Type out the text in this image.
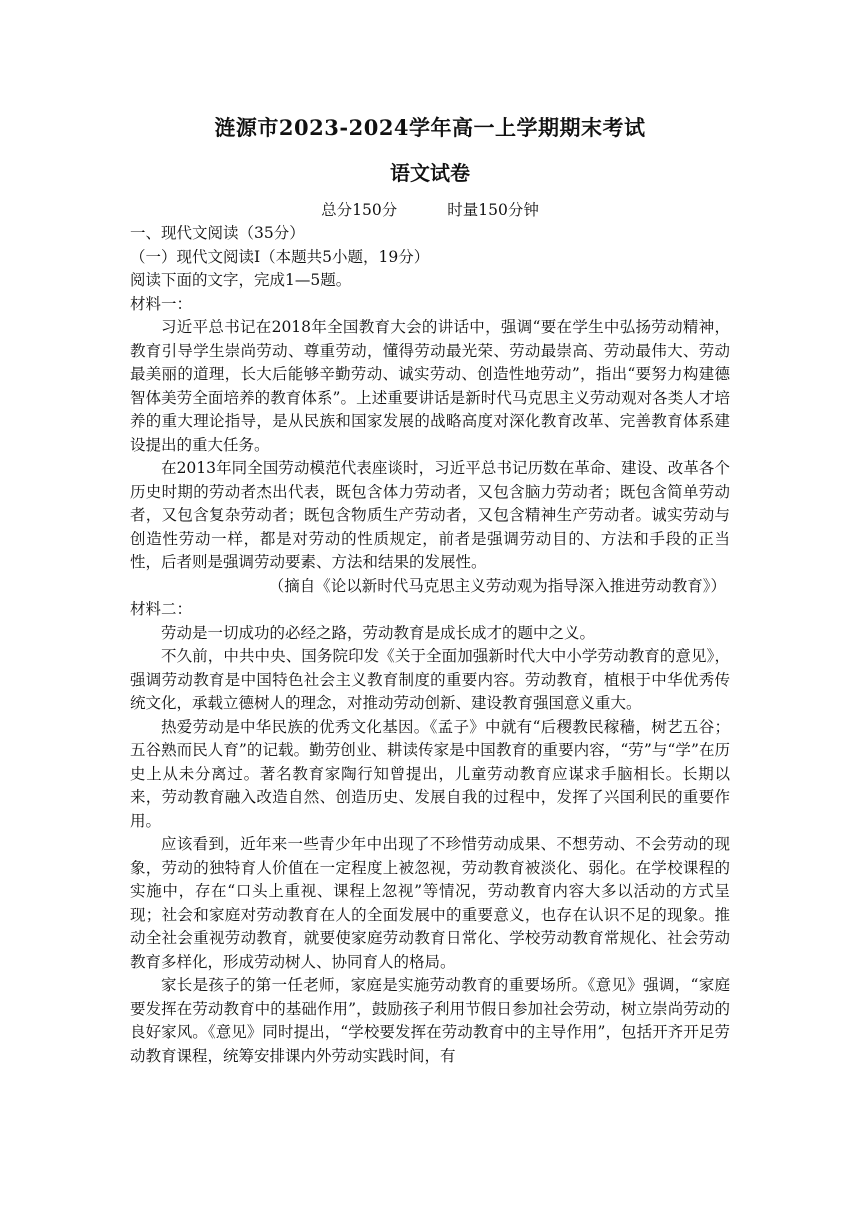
涟源市2023-2024学年高一上学期期末考试
语文试卷

总分150分	时量150分钟

一、现代文阅读（35分）

（一）现代文阅读Ⅰ（本题共5小题，19分）

阅读下面的文字，完成1—5题。

材料一：

习近平总书记在2018年全国教育大会的讲话中，强调“要在学生中弘扬劳动精神，教育引导学生崇尚劳动、尊重劳动，懂得劳动最光荣、劳动最崇高、劳动最伟大、劳动最美丽的道理，长大后能够辛勤劳动、诚实劳动、创造性地劳动”，指出“要努力构建德智体美劳全面培养的教育体系”。上述重要讲话是新时代马克思主义劳动观对各类人才培养的重大理论指导，是从民族和国家发展的战略高度对深化教育改革、完善教育体系建设提出的重大任务。

在2013年同全国劳动模范代表座谈时，习近平总书记历数在革命、建设、改革各个历史时期的劳动者杰出代表，既包含体力劳动者，又包含脑力劳动者；既包含简单劳动者，又包含复杂劳动者；既包含物质生产劳动者，又包含精神生产劳动者。诚实劳动与创造性劳动一样，都是对劳动的性质规定，前者是强调劳动目的、方法和手段的正当性，后者则是强调劳动要素、方法和结果的发展性。

（摘自《论以新时代马克思主义劳动观为指导深入推进劳动教育》）

材料二：

劳动是一切成功的必经之路，劳动教育是成长成才的题中之义。

不久前，中共中央、国务院印发《关于全面加强新时代大中小学劳动教育的意见》，强调劳动教育是中国特色社会主义教育制度的重要内容。劳动教育，植根于中华优秀传统文化，承载立德树人的理念，对推动劳动创新、建设教育强国意义重大。

热爱劳动是中华民族的优秀文化基因。《孟子》中就有“后稷教民稼穑，树艺五谷；五谷熟而民人育”的记载。勤劳创业、耕读传家是中国教育的重要内容，“劳”与“学”在历史上从未分离过。著名教育家陶行知曾提出，儿童劳动教育应谋求手脑相长。长期以来，劳动教育融入改造自然、创造历史、发展自我的过程中，发挥了兴国利民的重要作用。

应该看到，近年来一些青少年中出现了不珍惜劳动成果、不想劳动、不会劳动的现象，劳动的独特育人价值在一定程度上被忽视，劳动教育被淡化、弱化。在学校课程的实施中，存在“口头上重视、课程上忽视”等情况，劳动教育内容大多以活动的方式呈现；社会和家庭对劳动教育在人的全面发展中的重要意义，也存在认识不足的现象。推动全社会重视劳动教育，就要使家庭劳动教育日常化、学校劳动教育常规化、社会劳动教育多样化，形成劳动树人、协同育人的格局。

家长是孩子的第一任老师，家庭是实施劳动教育的重要场所。《意见》强调，“家庭要发挥在劳动教育中的基础作用”，鼓励孩子利用节假日参加社会劳动，树立崇尚劳动的良好家风。《意见》同时提出，“学校要发挥在劳动教育中的主导作用”，包括开齐开足劳动教育课程，统筹安排课内外劳动实践时间，有
